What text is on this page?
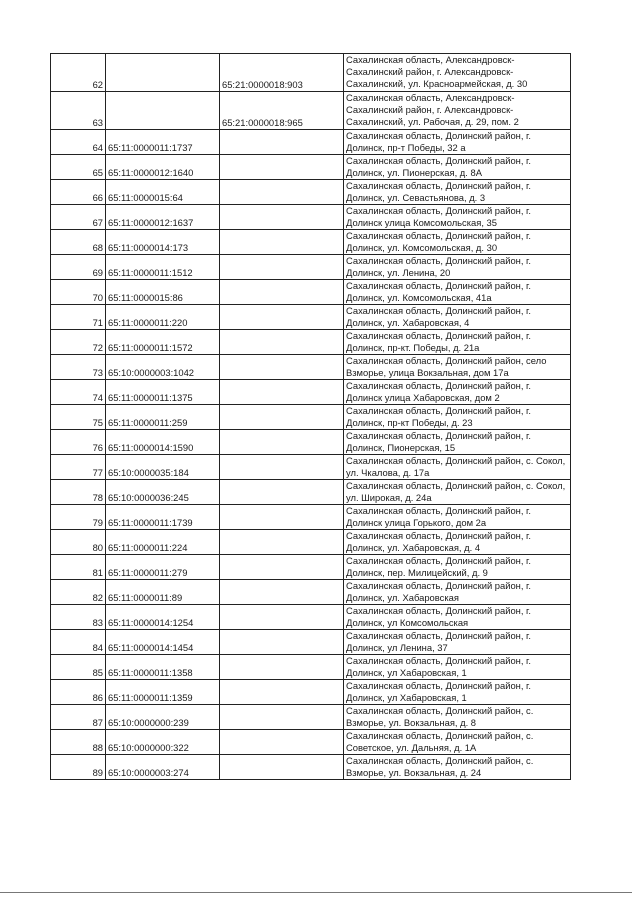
62		65:21:0000018:903	Сахалинская область, Александровск-Сахалинский район, г. Александровск-Сахалинский, ул. Красноармейская, д. 30
63		65:21:0000018:965	Сахалинская область, Александровск-Сахалинский район, г. Александровск-Сахалинский, ул. Рабочая, д. 29, пом. 2
64	65:11:0000011:1737		Сахалинская область, Долинский район, г. Долинск, пр-т Победы, 32 а
65	65:11:0000012:1640		Сахалинская область, Долинский район, г. Долинск, ул. Пионерская, д. 8А
66	65:11:0000015:64		Сахалинская область, Долинский район, г. Долинск, ул. Севастьянова, д. 3
67	65:11:0000012:1637		Сахалинская область, Долинский район, г. Долинск улица Комсомольская, 35
68	65:11:0000014:173		Сахалинская область, Долинский район, г. Долинск, ул. Комсомольская, д. 30
69	65:11:0000011:1512		Сахалинская область, Долинский район, г. Долинск, ул. Ленина, 20
70	65:11:0000015:86		Сахалинская область, Долинский район, г. Долинск, ул. Комсомольская, 41а
71	65:11:0000011:220		Сахалинская область, Долинский район, г. Долинск, ул. Хабаровская, 4
72	65:11:0000011:1572		Сахалинская область, Долинский район, г. Долинск, пр-кт. Победы, д. 21а
73	65:10:0000003:1042		Сахалинская область, Долинский район, село Взморье, улица Вокзальная, дом 17а
74	65:11:0000011:1375		Сахалинская область, Долинский район, г. Долинск улица Хабаровская, дом 2
75	65:11:0000011:259		Сахалинская область, Долинский район, г. Долинск, пр-кт Победы, д. 23
76	65:11:0000014:1590		Сахалинская область, Долинский район, г. Долинск, Пионерская, 15
77	65:10:0000035:184		Сахалинская область, Долинский район, с. Сокол, ул. Чкалова, д. 17а
78	65:10:0000036:245		Сахалинская область, Долинский район, с. Сокол, ул. Широкая, д. 24а
79	65:11:0000011:1739		Сахалинская область, Долинский район, г. Долинск улица Горького, дом 2а
80	65:11:0000011:224		Сахалинская область, Долинский район, г. Долинск, ул. Хабаровская, д. 4
81	65:11:0000011:279		Сахалинская область, Долинский район, г. Долинск, пер. Милицейский, д. 9
82	65:11:0000011:89		Сахалинская область, Долинский район, г. Долинск, ул. Хабаровская
83	65:11:0000014:1254		Сахалинская область, Долинский район, г. Долинск, ул Комсомольская
84	65:11:0000014:1454		Сахалинская область, Долинский район, г. Долинск, ул Ленина, 37
85	65:11:0000011:1358		Сахалинская область, Долинский район, г. Долинск, ул Хабаровская, 1
86	65:11:0000011:1359		Сахалинская область, Долинский район, г. Долинск, ул Хабаровская, 1
87	65:10:0000000:239		Сахалинская область, Долинский район, с. Взморье, ул. Вокзальная, д. 8
88	65:10:0000000:322		Сахалинская область, Долинский район, с. Советское, ул. Дальняя, д. 1А
89	65:10:0000003:274		Сахалинская область, Долинский район, с. Взморье, ул. Вокзальная, д. 24
